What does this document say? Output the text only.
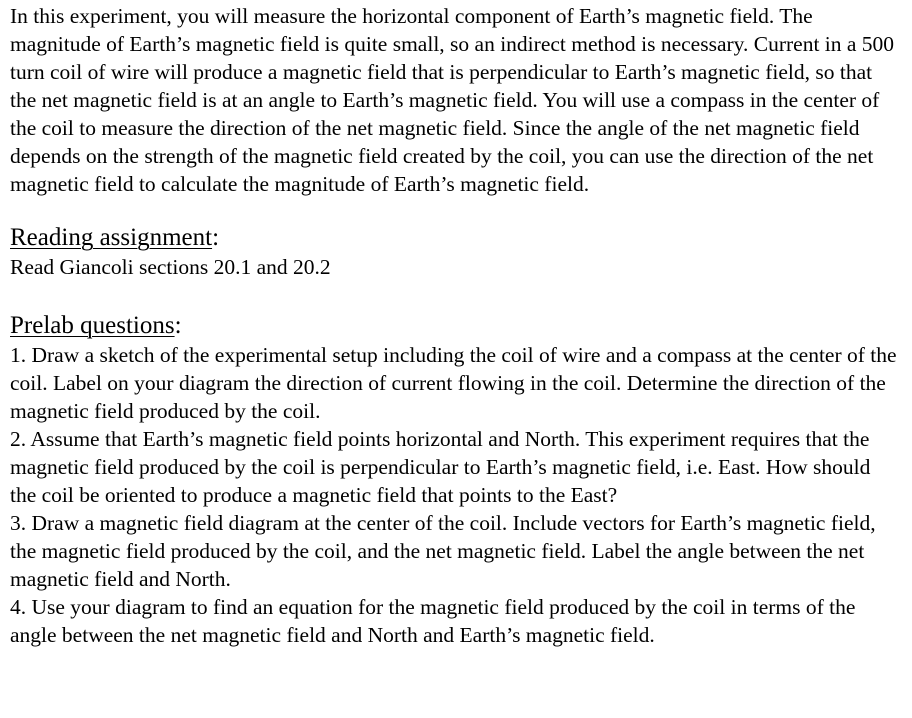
In this experiment, you will measure the horizontal component of Earth’s magnetic field. The magnitude of Earth’s magnetic field is quite small, so an indirect method is necessary. Current in a 500 turn coil of wire will produce a magnetic field that is perpendicular to Earth’s magnetic field, so that the net magnetic field is at an angle to Earth’s magnetic field. You will use a compass in the center of the coil to measure the direction of the net magnetic field. Since the angle of the net magnetic field depends on the strength of the magnetic field created by the coil, you can use the direction of the net magnetic field to calculate the magnitude of Earth’s magnetic field.

Reading assignment:

Read Giancoli sections 20.1 and 20.2

Prelab questions:

1. Draw a sketch of the experimental setup including the coil of wire and a compass at the center of the coil. Label on your diagram the direction of current flowing in the coil. Determine the direction of the magnetic field produced by the coil.

2. Assume that Earth’s magnetic field points horizontal and North. This experiment requires that the magnetic field produced by the coil is perpendicular to Earth’s magnetic field, i.e. East. How should the coil be oriented to produce a magnetic field that points to the East?

3. Draw a magnetic field diagram at the center of the coil. Include vectors for Earth’s magnetic field, the magnetic field produced by the coil, and the net magnetic field. Label the angle between the net magnetic field and North.

4. Use your diagram to find an equation for the magnetic field produced by the coil in terms of the angle between the net magnetic field and North and Earth’s magnetic field.
